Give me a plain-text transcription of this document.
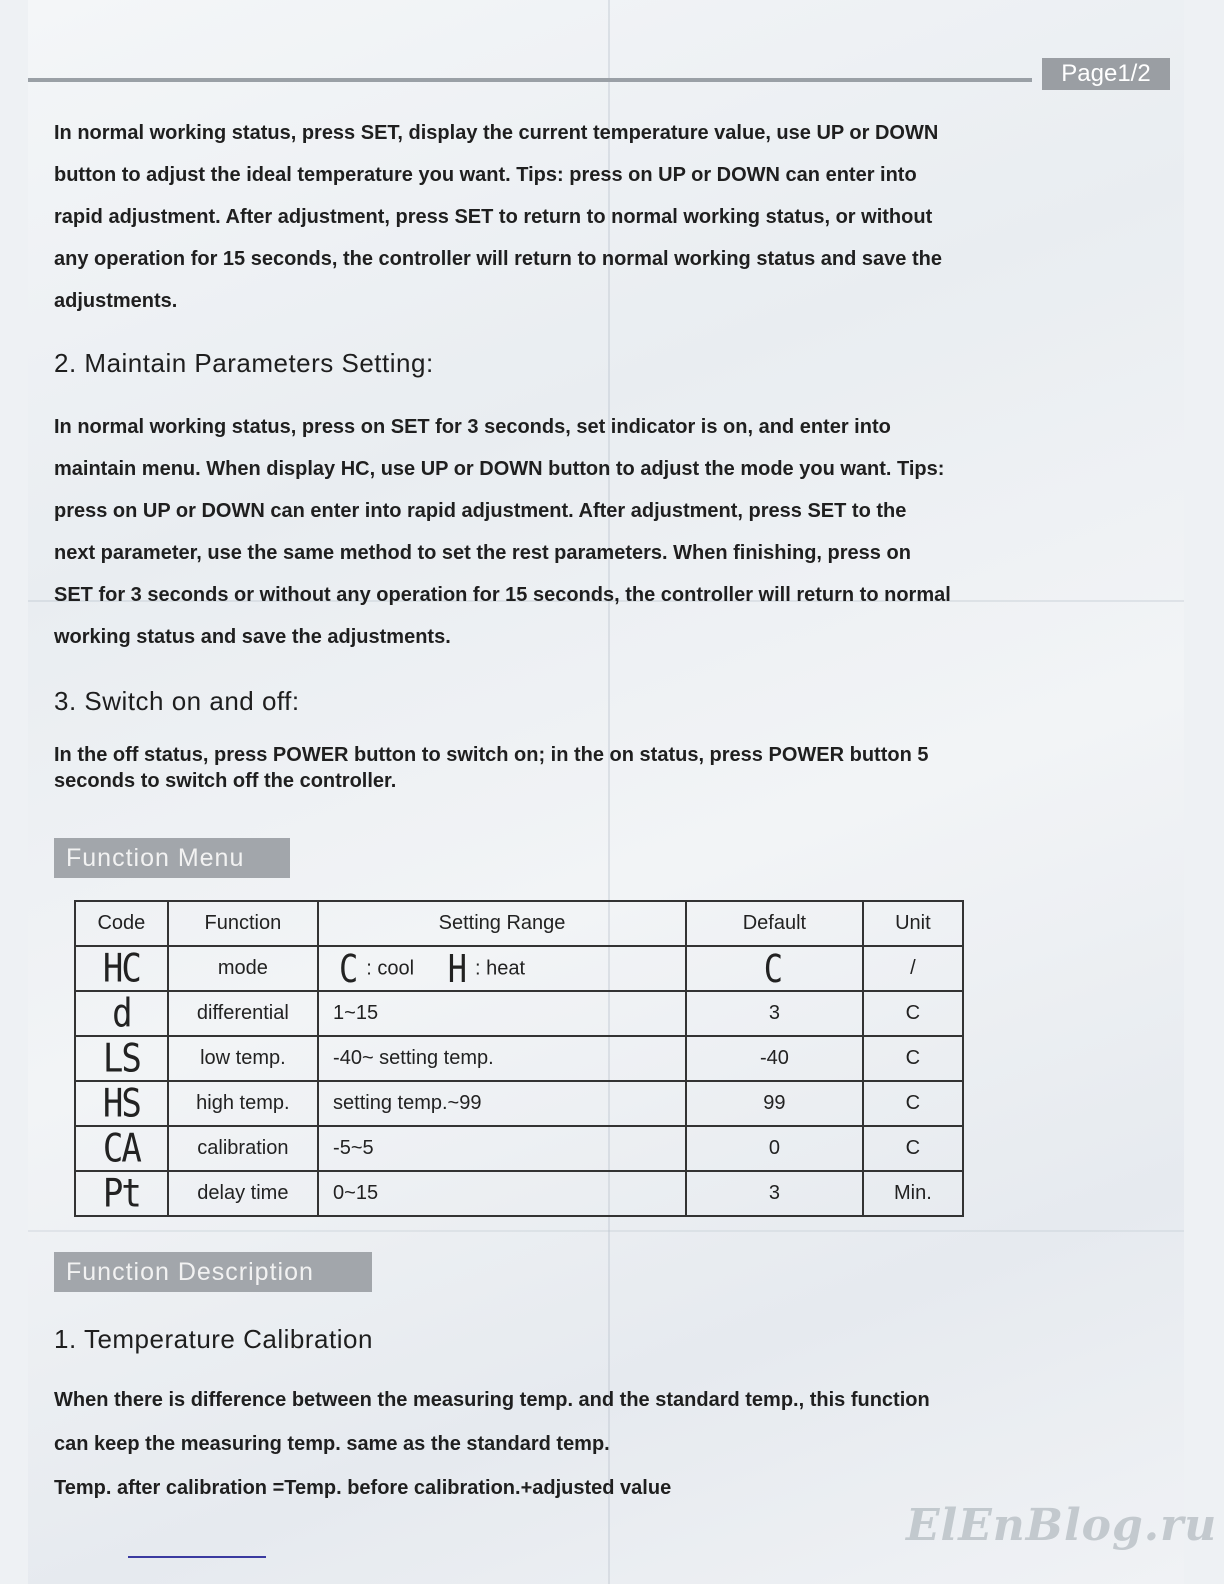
Page1/2

In normal working status, press SET, display the current temperature value, use UP or DOWN

button to adjust the ideal temperature you want. Tips: press on UP or DOWN can enter into

rapid adjustment. After adjustment, press SET to return to normal working status, or without

any operation for 15 seconds, the controller will return to normal working status and save the

adjustments.

2. Maintain Parameters Setting:

In normal working status, press on SET for 3 seconds, set indicator is on, and enter into

maintain menu. When display HC, use UP or DOWN button to adjust the mode you want. Tips:

press on UP or DOWN can enter into rapid adjustment. After adjustment, press SET to the

next parameter, use the same method to set the rest parameters. When finishing, press on

SET for 3 seconds or without any operation for 15 seconds, the controller will return to normal

working status and save the adjustments.

3. Switch on and off:

In the off status, press POWER button to switch on; in the on status, press POWER button 5

seconds to switch off the controller.

Function Menu
Code	Function	Setting Range	Default	Unit
HC	mode	C : cool H : heat	C	/
d	differential	1~15	3	C
LS	low temp.	-40~ setting temp.	-40	C
HS	high temp.	setting temp.~99	99	C
CA	calibration	-5~5	0	C
Pt	delay time	0~15	3	Min.
Function Description
1. Temperature Calibration

When there is difference between the measuring temp. and the standard temp., this function

can keep the measuring temp. same as the standard temp.

Temp. after calibration =Temp. before calibration.+adjusted value

ElEnBlog.ru
